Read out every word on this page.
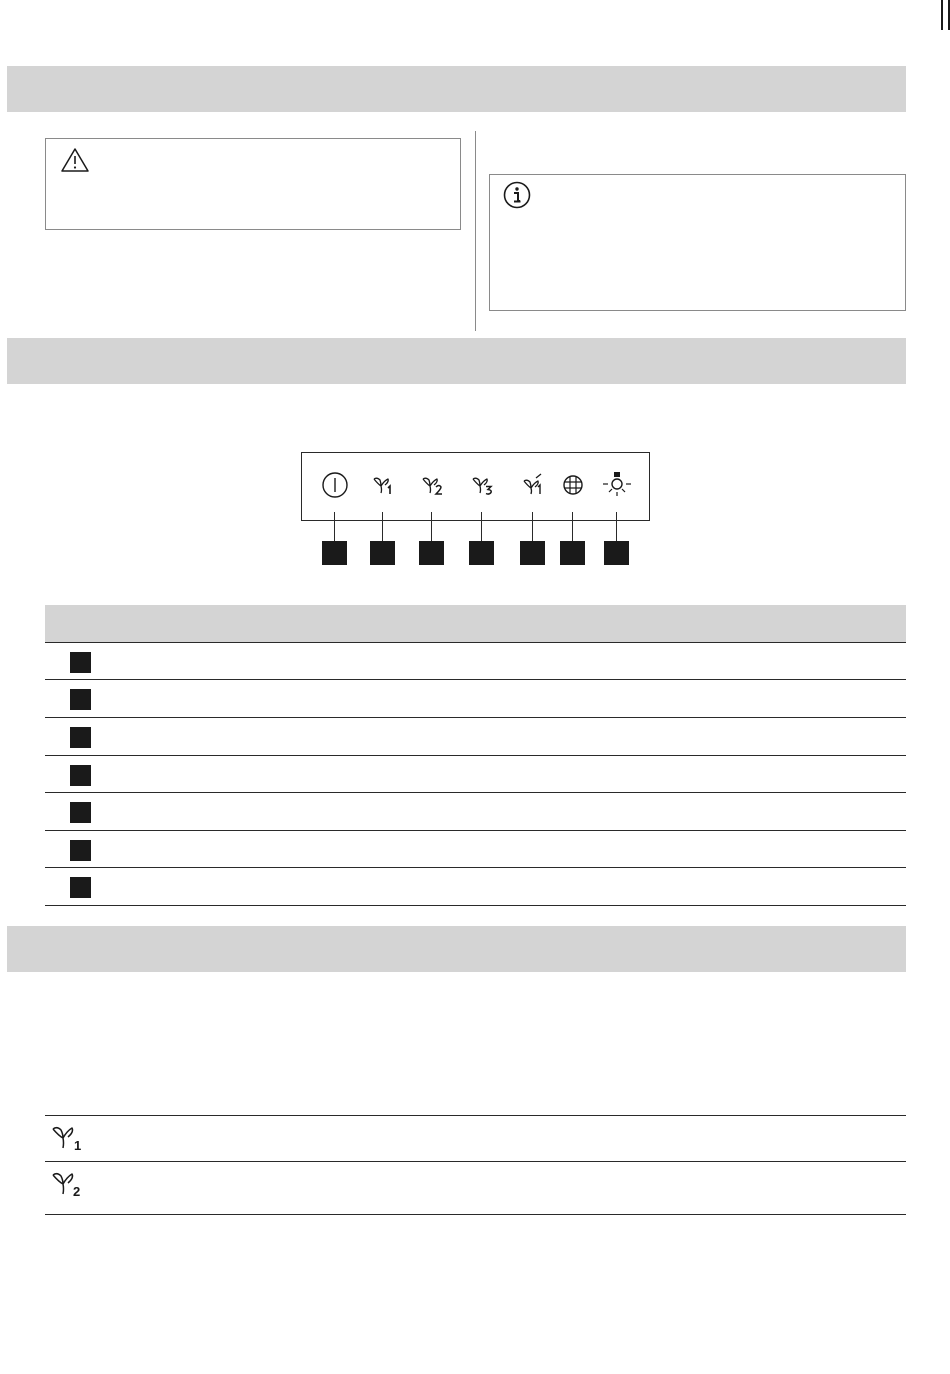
1
2
